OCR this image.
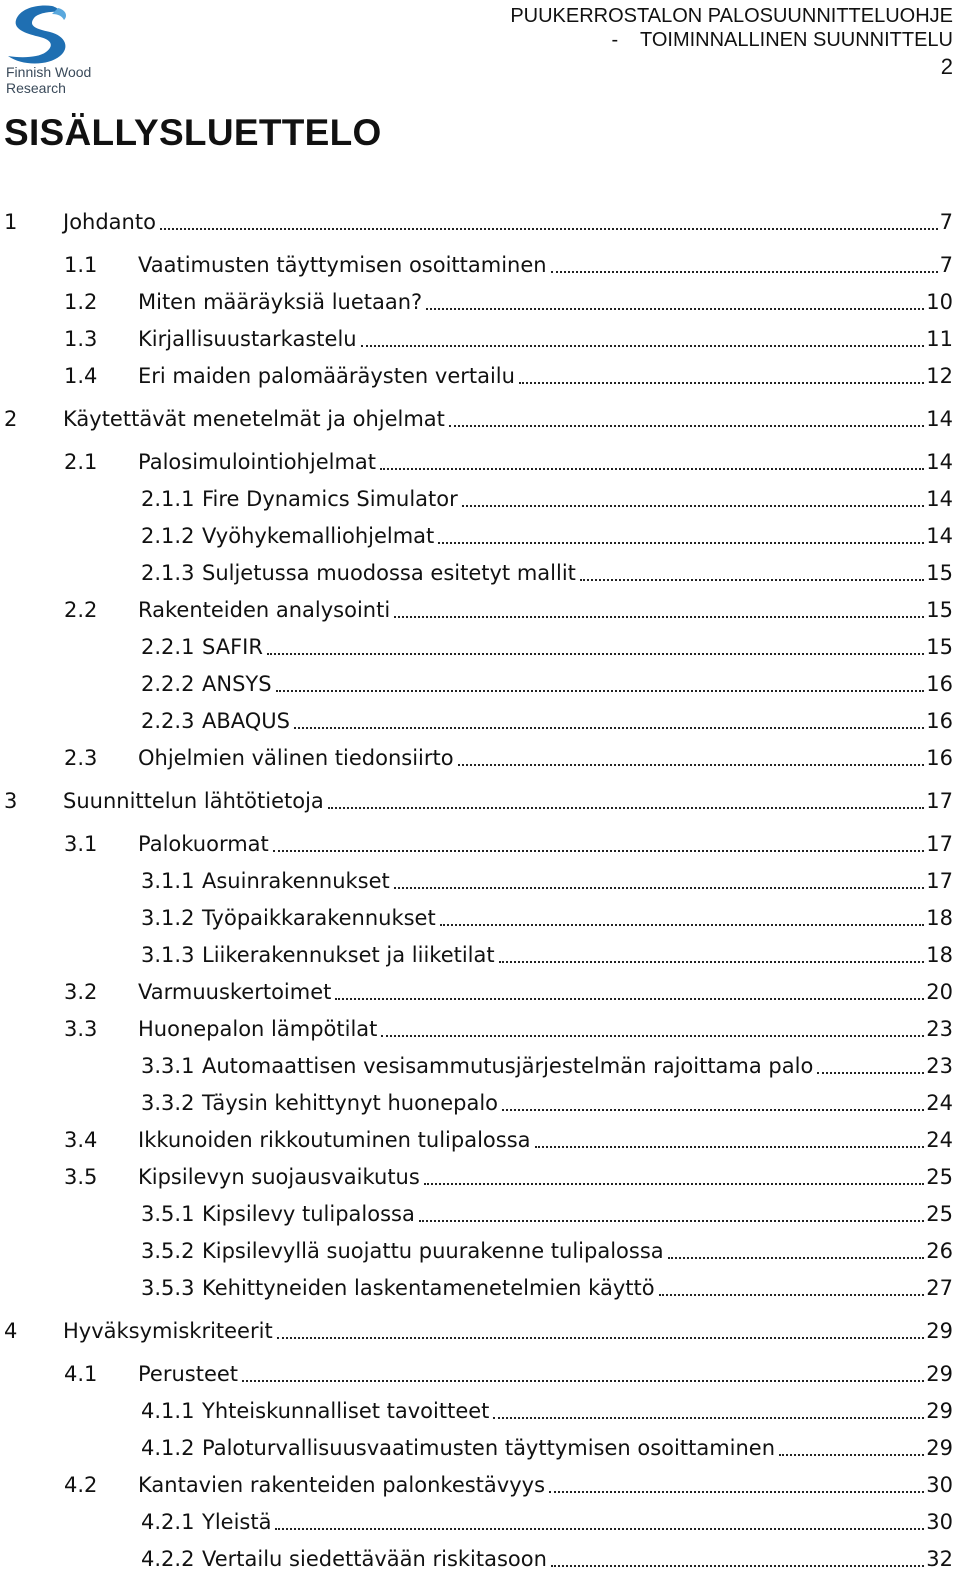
Finnish Wood
Research
PUUKERROSTALON PALOSUUNNITTELUOHJE
-    TOIMINNALLINEN SUUNNITTELU
2
SISÄLLYSLUETTELO
1	Johdanto	7
1.1	Vaatimusten täyttymisen osoittaminen	7
1.2	Miten määräyksiä luetaan?	10
1.3	Kirjallisuustarkastelu	11
1.4	Eri maiden palomääräysten vertailu	12
2	Käytettävät menetelmät ja ohjelmat	14
2.1	Palosimulointiohjelmat	14
2.1.1 Fire Dynamics Simulator	14
2.1.2 Vyöhykemalliohjelmat	14
2.1.3 Suljetussa muodossa esitetyt mallit	15
2.2	Rakenteiden analysointi	15
2.2.1 SAFIR	15
2.2.2 ANSYS	16
2.2.3 ABAQUS	16
2.3	Ohjelmien välinen tiedonsiirto	16
3	Suunnittelun lähtötietoja	17
3.1	Palokuormat	17
3.1.1 Asuinrakennukset	17
3.1.2 Työpaikkarakennukset	18
3.1.3 Liikerakennukset ja liiketilat	18
3.2	Varmuuskertoimet	20
3.3	Huonepalon lämpötilat	23
3.3.1 Automaattisen vesisammutusjärjestelmän rajoittama palo	23
3.3.2 Täysin kehittynyt huonepalo	24
3.4	Ikkunoiden rikkoutuminen tulipalossa	24
3.5	Kipsilevyn suojausvaikutus	25
3.5.1 Kipsilevy tulipalossa	25
3.5.2 Kipsilevyllä suojattu puurakenne tulipalossa	26
3.5.3 Kehittyneiden laskentamenetelmien käyttö	27
4	Hyväksymiskriteerit	29
4.1	Perusteet	29
4.1.1 Yhteiskunnalliset tavoitteet	29
4.1.2 Paloturvallisuusvaatimusten täyttymisen osoittaminen	29
4.2	Kantavien rakenteiden palonkestävyys	30
4.2.1 Yleistä	30
4.2.2 Vertailu siedettävään riskitasoon	32
